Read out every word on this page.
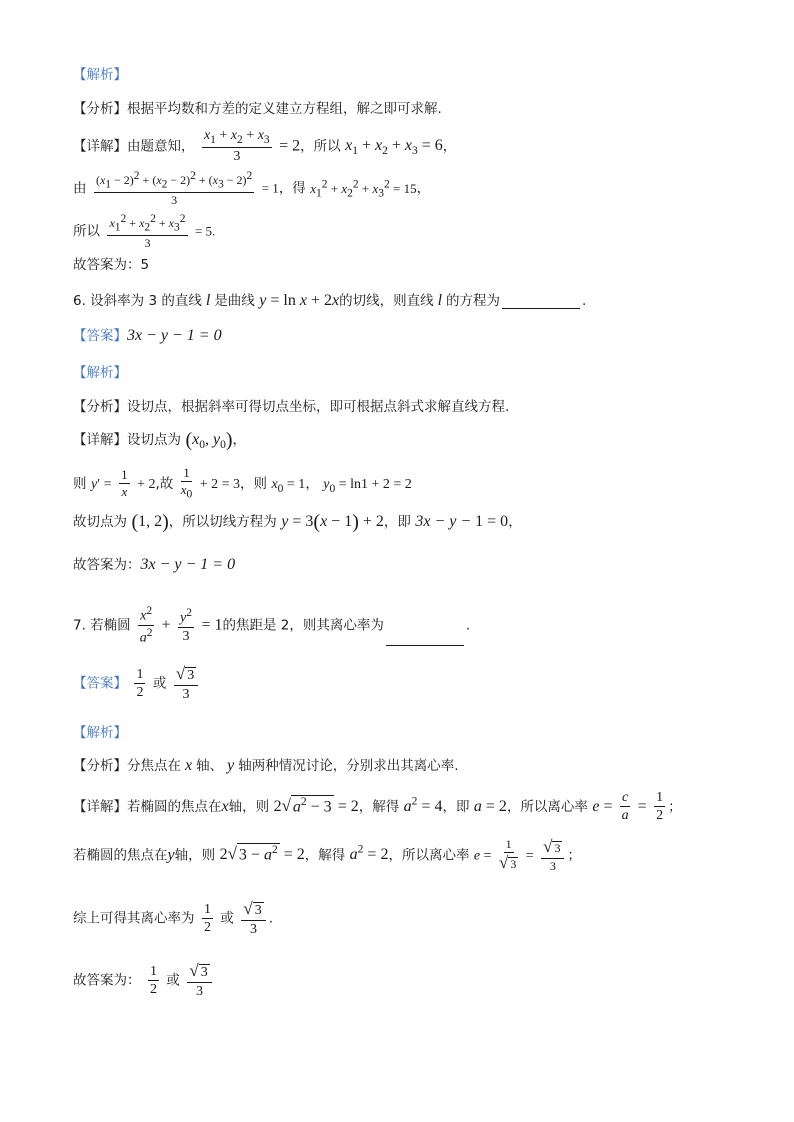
【解析】
【分析】根据平均数和方差的定义建立方程组，解之即可求解.
【详解】由题意知， $\frac{x_1 + x_2 + x_3}{3} = 2$，所以 $x_1 + x_2 + x_3 = 6$，
由 $\frac{(x_1 - 2)^2 + (x_2 - 2)^2 + (x_3 - 2)^2}{3} = 1$，得 $x_1^2 + x_2^2 + x_3^2 = 15$，
所以 $\frac{x_1^2 + x_2^2 + x_3^2}{3} = 5$.
故答案为：5
6. 设斜率为 3 的直线 l 是曲线 y = ln x + 2x的切线，则直线 l 的方程为	.
【答案】3x − y − 1 = 0
【解析】
【分析】设切点，根据斜率可得切点坐标，即可根据点斜式求解直线方程.
【详解】设切点为 ($x_0$, $y_0$)，
则 $y' = \frac{1}{x} + 2$,故 $\frac{1}{x_0} + 2 = 3$，则 $x_0 = 1$， $y_0 = \ln 1 + 2 = 2$
故切点为 (1, 2)，所以切线方程为 y = 3(x − 1) + 2，即 3x − y − 1 = 0，
故答案为：3x − y − 1 = 0
7. 若椭圆 $\frac{x^2}{a^2} + \frac{y^2}{3} = 1$的焦距是 2，则其离心率为	.
【答案】 $\frac{1}{2}$ 或 $\frac{√ 3}{3}$
【解析】
【分析】分焦点在 x 轴、 y 轴两种情况讨论，分别求出其离心率.
【详解】若椭圆的焦点在x轴，则 2√ $a^2 - 3 = 2$，解得 $a^2 = 4$，即 a = 2，所以离心率 $e = \frac{c}{a} = \frac{1}{2}$ ；
若椭圆的焦点在y轴，则 2√ $3 - a^2 = 2$，解得 $a^2 = 2$，所以离心率 $e = \frac{1}{√ 3} = \frac{√ 3}{3}$ ；
综上可得其离心率为 $\frac{1}{2}$ 或 $\frac{√ 3}{3}$ .
故答案为： $\frac{1}{2}$ 或 $\frac{√ 3}{3}$
